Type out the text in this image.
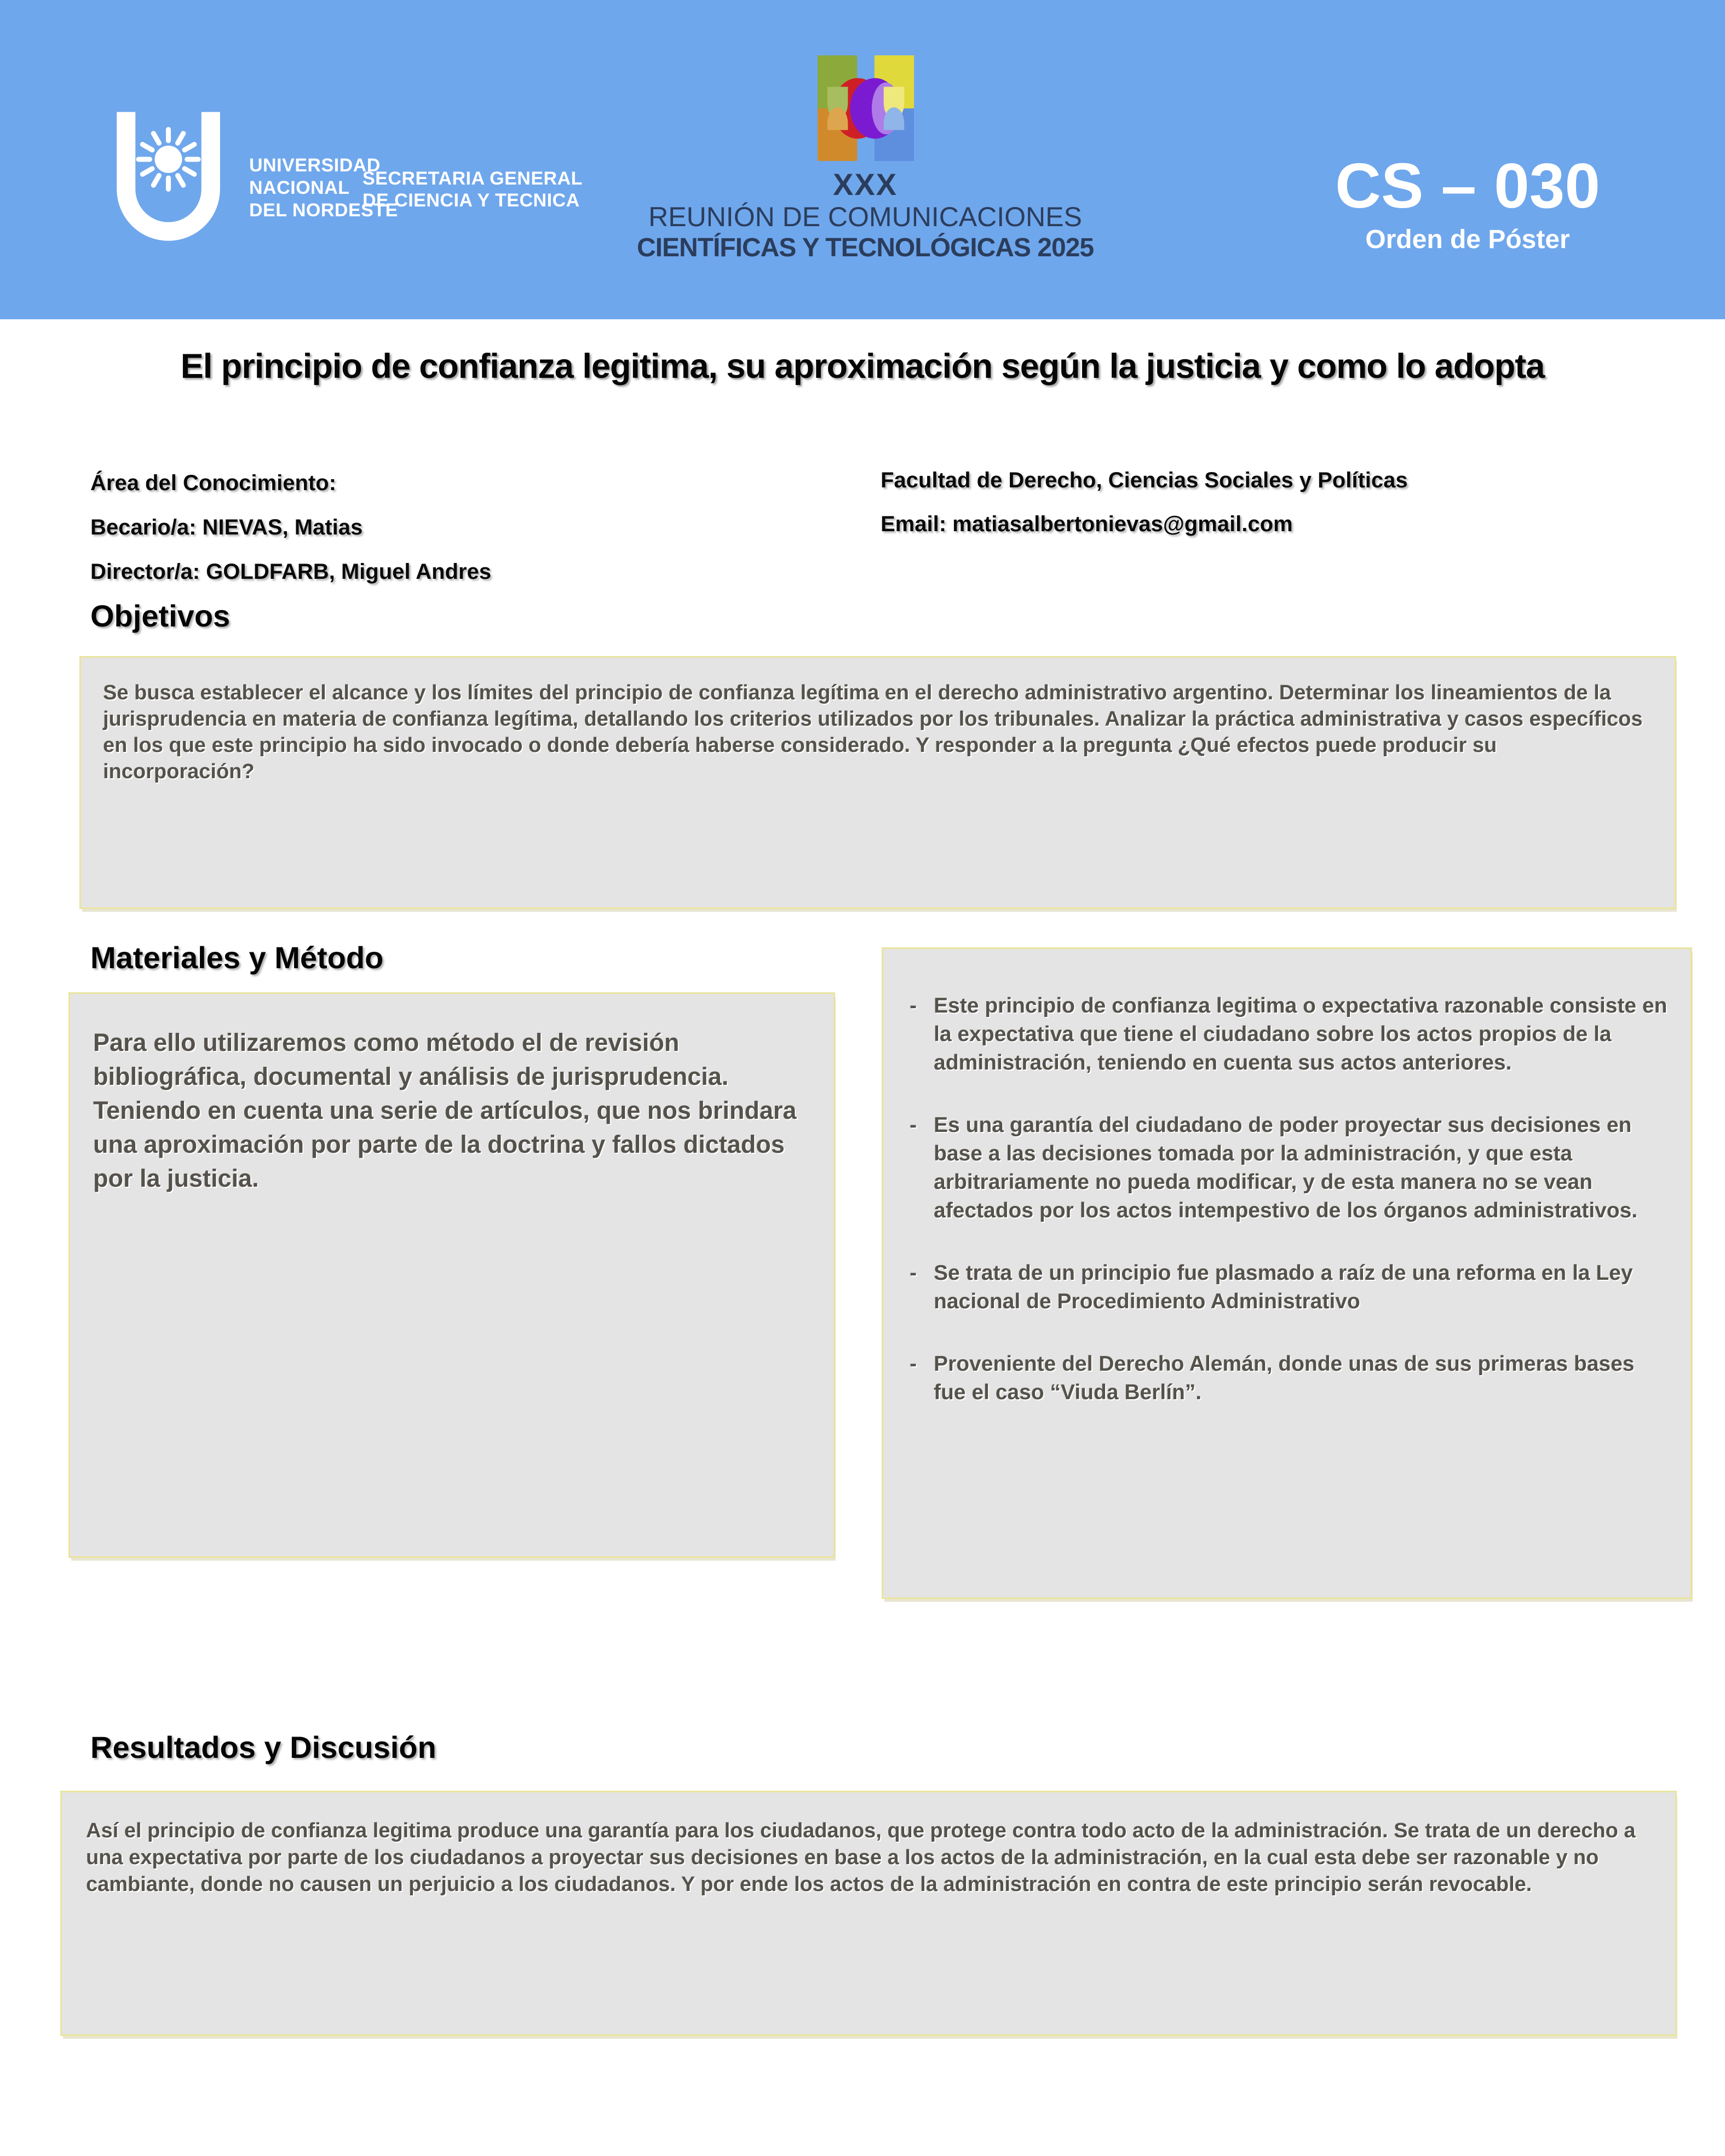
UNIVERSIDAD
NACIONAL
DEL NORDESTE
SECRETARIA GENERAL
DE CIENCIA Y TECNICA	XXX
REUNIÓN DE COMUNICACIONES
CIENTÍFICAS Y TECNOLÓGICAS 2025
CS – 030
Orden de Póster
El principio de confianza legitima, su aproximación según la justicia y como lo adopta
Área del Conocimiento:
Becario/a: NIEVAS, Matias
Director/a: GOLDFARB, Miguel Andres
Facultad de Derecho, Ciencias Sociales y Políticas
Email: matiasalbertonievas@gmail.com
Objetivos
Se busca establecer el alcance y los límites del principio de confianza legítima en el derecho administrativo argentino. Determinar los lineamientos de la jurisprudencia en materia de confianza legítima, detallando los criterios utilizados por los tribunales. Analizar la práctica administrativa y casos específicos en los que este principio ha sido invocado o donde debería haberse considerado. Y responder a la pregunta ¿Qué efectos puede producir su incorporación?
Materiales y Método
Para ello utilizaremos como método el de revisión bibliográfica, documental y análisis de jurisprudencia. Teniendo en cuenta una serie de artículos, que nos brindara una aproximación por parte de la doctrina y fallos dictados por la justicia.
- Este principio de confianza legitima o expectativa razonable consiste en la expectativa que tiene el ciudadano sobre los actos propios de la administración, teniendo en cuenta sus actos anteriores.
- Es una garantía del ciudadano de poder proyectar sus decisiones en base a las decisiones tomada por la administración, y que esta arbitrariamente no pueda modificar, y de esta manera no se vean afectados por los actos intempestivo de los órganos administrativos.
- Se trata de un principio fue plasmado a raíz de una reforma en la Ley nacional de Procedimiento Administrativo
- Proveniente del Derecho Alemán, donde unas de sus primeras bases fue el caso “Viuda Berlín”.
Resultados y Discusión
Así el principio de confianza legitima produce una garantía para los ciudadanos, que protege contra todo acto de la administración. Se trata de un derecho a una expectativa por parte de los ciudadanos a proyectar sus decisiones en base a los actos de la administración, en la cual esta debe ser razonable y no cambiante, donde no causen un perjuicio a los ciudadanos. Y por ende los actos de la administración en contra de este principio serán revocable.
